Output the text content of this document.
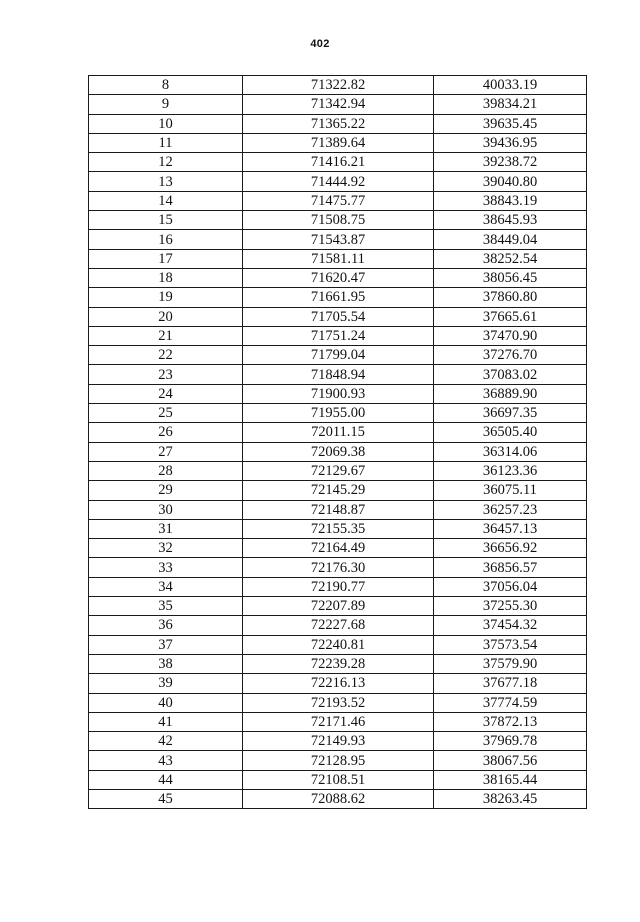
402
8	71322.82	40033.19
9	71342.94	39834.21
10	71365.22	39635.45
11	71389.64	39436.95
12	71416.21	39238.72
13	71444.92	39040.80
14	71475.77	38843.19
15	71508.75	38645.93
16	71543.87	38449.04
17	71581.11	38252.54
18	71620.47	38056.45
19	71661.95	37860.80
20	71705.54	37665.61
21	71751.24	37470.90
22	71799.04	37276.70
23	71848.94	37083.02
24	71900.93	36889.90
25	71955.00	36697.35
26	72011.15	36505.40
27	72069.38	36314.06
28	72129.67	36123.36
29	72145.29	36075.11
30	72148.87	36257.23
31	72155.35	36457.13
32	72164.49	36656.92
33	72176.30	36856.57
34	72190.77	37056.04
35	72207.89	37255.30
36	72227.68	37454.32
37	72240.81	37573.54
38	72239.28	37579.90
39	72216.13	37677.18
40	72193.52	37774.59
41	72171.46	37872.13
42	72149.93	37969.78
43	72128.95	38067.56
44	72108.51	38165.44
45	72088.62	38263.45
